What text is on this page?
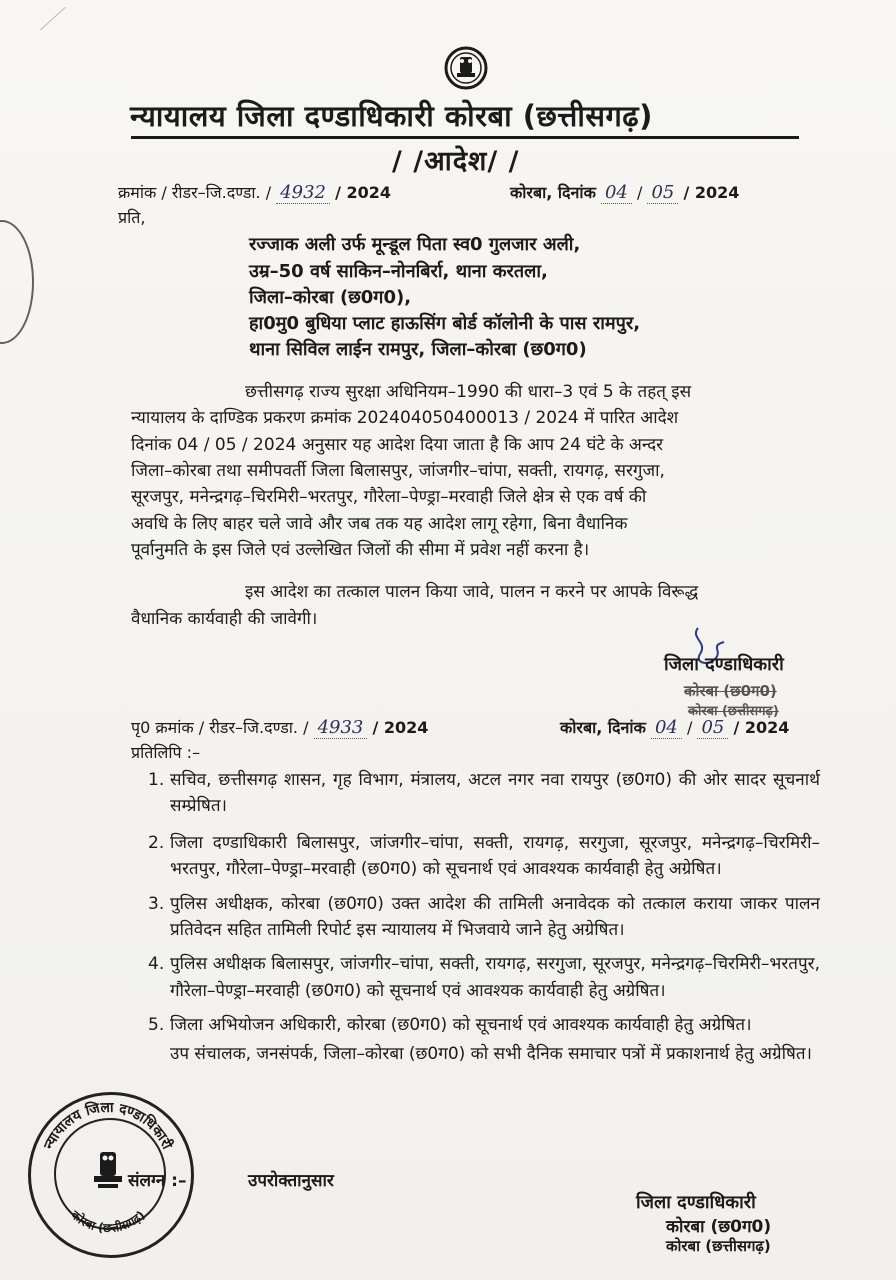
न्यायालय जिला दण्डाधिकारी कोरबा (छत्तीसगढ़)
/ /आदेश/ /
क्रमांक / रीडर–जि.दण्डा. / 4932 / 2024	कोरबा, दिनांक 04 / 05 / 2024
प्रति,
रज्जाक अली उर्फ मून्डूल पिता स्व0 गुलजार अली,
उम्र–50 वर्ष साकिन–नोनबिर्रा, थाना करतला,
जिला–कोरबा (छ0ग0),
हा0मु0 बुधिया प्लाट हाऊसिंग बोर्ड कॉलोनी के पास रामपुर,
थाना सिविल लाईन रामपुर, जिला–कोरबा (छ0ग0)
छत्तीसगढ़ राज्य सुरक्षा अधिनियम–1990 की धारा–3 एवं 5 के तहत् इस
न्यायालय के दाण्डिक प्रकरण क्रमांक 202404050400013 / 2024 में पारित आदेश
दिनांक 04 / 05 / 2024 अनुसार यह आदेश दिया जाता है कि आप 24 घंटे के अन्दर
जिला–कोरबा तथा समीपवर्ती जिला बिलासपुर, जांजगीर–चांपा, सक्ती, रायगढ़, सरगुजा,
सूरजपुर, मनेन्द्रगढ़–चिरमिरी–भरतपुर, गौरेला–पेण्ड्रा–मरवाही जिले क्षेत्र से एक वर्ष की
अवधि के लिए बाहर चले जावे और जब तक यह आदेश लागू रहेगा, बिना वैधानिक
पूर्वानुमति के इस जिले एवं उल्लेखित जिलों की सीमा में प्रवेश नहीं करना है।
इस आदेश का तत्काल पालन किया जावे, पालन न करने पर आपके विरूद्ध
वैधानिक कार्यवाही की जावेगी।
जिला दण्डाधिकारी
कोरबा (छ0ग0)
कोरबा (छत्तीसगढ़)
पृ0 क्रमांक / रीडर–जि.दण्डा. / 4933 / 2024	कोरबा, दिनांक 04 / 05 / 2024
प्रतिलिपि :–
1. सचिव, छत्तीसगढ़ शासन, गृह विभाग, मंत्रालय, अटल नगर नवा रायपुर (छ0ग0) की ओर सादर सूचनार्थ सम्प्रेषित।
2. जिला दण्डाधिकारी बिलासपुर, जांजगीर–चांपा, सक्ती, रायगढ़, सरगुजा, सूरजपुर, मनेन्द्रगढ़–चिरमिरी–भरतपुर, गौरेला–पेण्ड्रा–मरवाही (छ0ग0) को सूचनार्थ एवं आवश्यक कार्यवाही हेतु अग्रेषित।
3. पुलिस अधीक्षक, कोरबा (छ0ग0) उक्त आदेश की तामिली अनावेदक को तत्काल कराया जाकर पालन प्रतिवेदन सहित तामिली रिपोर्ट इस न्यायालय में भिजवाये जाने हेतु अग्रेषित।
4. पुलिस अधीक्षक बिलासपुर, जांजगीर–चांपा, सक्ती, रायगढ़, सरगुजा, सूरजपुर, मनेन्द्रगढ़–चिरमिरी–भरतपुर, गौरेला–पेण्ड्रा–मरवाही (छ0ग0) को सूचनार्थ एवं आवश्यक कार्यवाही हेतु अग्रेषित।
5. जिला अभियोजन अधिकारी, कोरबा (छ0ग0) को सूचनार्थ एवं आवश्यक कार्यवाही हेतु अग्रेषित।
उप संचालक, जनसंपर्क, जिला–कोरबा (छ0ग0) को सभी दैनिक समाचार पत्रों में प्रकाशनार्थ हेतु अग्रेषित।
संलग्न :–	उपरोक्तानुसार
जिला दण्डाधिकारी
कोरबा (छ0ग0)
कोरबा (छत्तीसगढ़)
न्यायालय जिला दण्डाधिकारी
कोरबा (छत्तीसगढ़)
